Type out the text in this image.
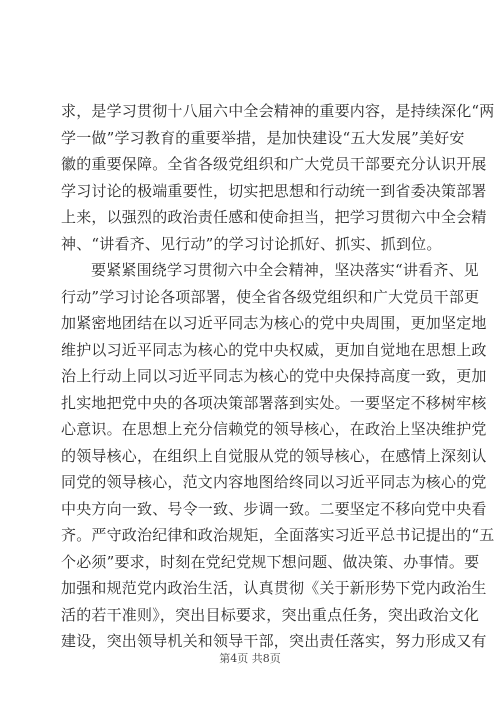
求，是学习贯彻十八届六中全会精神的重要内容，是持续深化“两
学一做”学习教育的重要举措，是加快建设“五大发展”美好安
徽的重要保障。全省各级党组织和广大党员干部要充分认识开展
学习讨论的极端重要性，切实把思想和行动统一到省委决策部署
上来，以强烈的政治责任感和使命担当，把学习贯彻六中全会精
神、“讲看齐、见行动”的学习讨论抓好、抓实、抓到位。
要紧紧围绕学习贯彻六中全会精神，坚决落实“讲看齐、见
行动”学习讨论各项部署，使全省各级党组织和广大党员干部更
加紧密地团结在以习近平同志为核心的党中央周围，更加坚定地
维护以习近平同志为核心的党中央权威，更加自觉地在思想上政
治上行动上同以习近平同志为核心的党中央保持高度一致，更加
扎实地把党中央的各项决策部署落到实处。一要坚定不移树牢核
心意识。在思想上充分信赖党的领导核心，在政治上坚决维护党
的领导核心，在组织上自觉服从党的领导核心，在感情上深刻认
同党的领导核心，范文内容地图给终同以习近平同志为核心的党
中央方向一致、号令一致、步调一致。二要坚定不移向党中央看
齐。严守政治纪律和政治规矩，全面落实习近平总书记提出的“五
个必须”要求，时刻在党纪党规下想问题、做决策、办事情。要
加强和规范党内政治生活，认真贯彻《关于新形势下党内政治生
活的若干准则》，突出目标要求，突出重点任务，突出政治文化
建设，突出领导机关和领导干部，突出责任落实，努力形成又有
第4页 共8页
